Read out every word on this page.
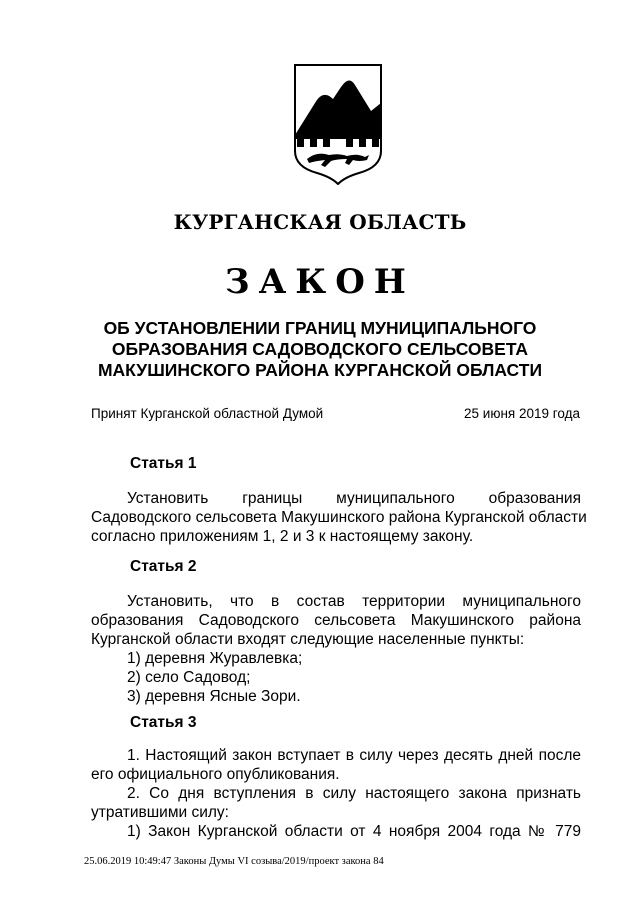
КУРГАНСКАЯ ОБЛАСТЬ
ЗАКОН
ОБ УСТАНОВЛЕНИИ ГРАНИЦ МУНИЦИПАЛЬНОГО
ОБРАЗОВАНИЯ САДОВОДСКОГО СЕЛЬСОВЕТА
МАКУШИНСКОГО РАЙОНА КУРГАНСКОЙ ОБЛАСТИ
Принят Курганской областной Думой	25 июня 2019 года
Статья 1
Установить границы муниципального образования
Садоводского сельсовета Макушинского района Курганской области
согласно приложениям 1, 2 и 3 к настоящему закону.
Статья 2
Установить, что в состав территории муниципального
образования Садоводского сельсовета Макушинского района
Курганской области входят следующие населенные пункты:
1) деревня Журавлевка;
2) село Садовод;
3) деревня Ясные Зори.
Статья 3
1. Настоящий закон вступает в силу через десять дней после
его официального опубликования.
2. Со дня вступления в силу настоящего закона признать
утратившими силу:
1) Закон Курганской области от 4 ноября 2004 года № 779
25.06.2019 10:49:47 Законы Думы VI созыва/2019/проект закона 84
